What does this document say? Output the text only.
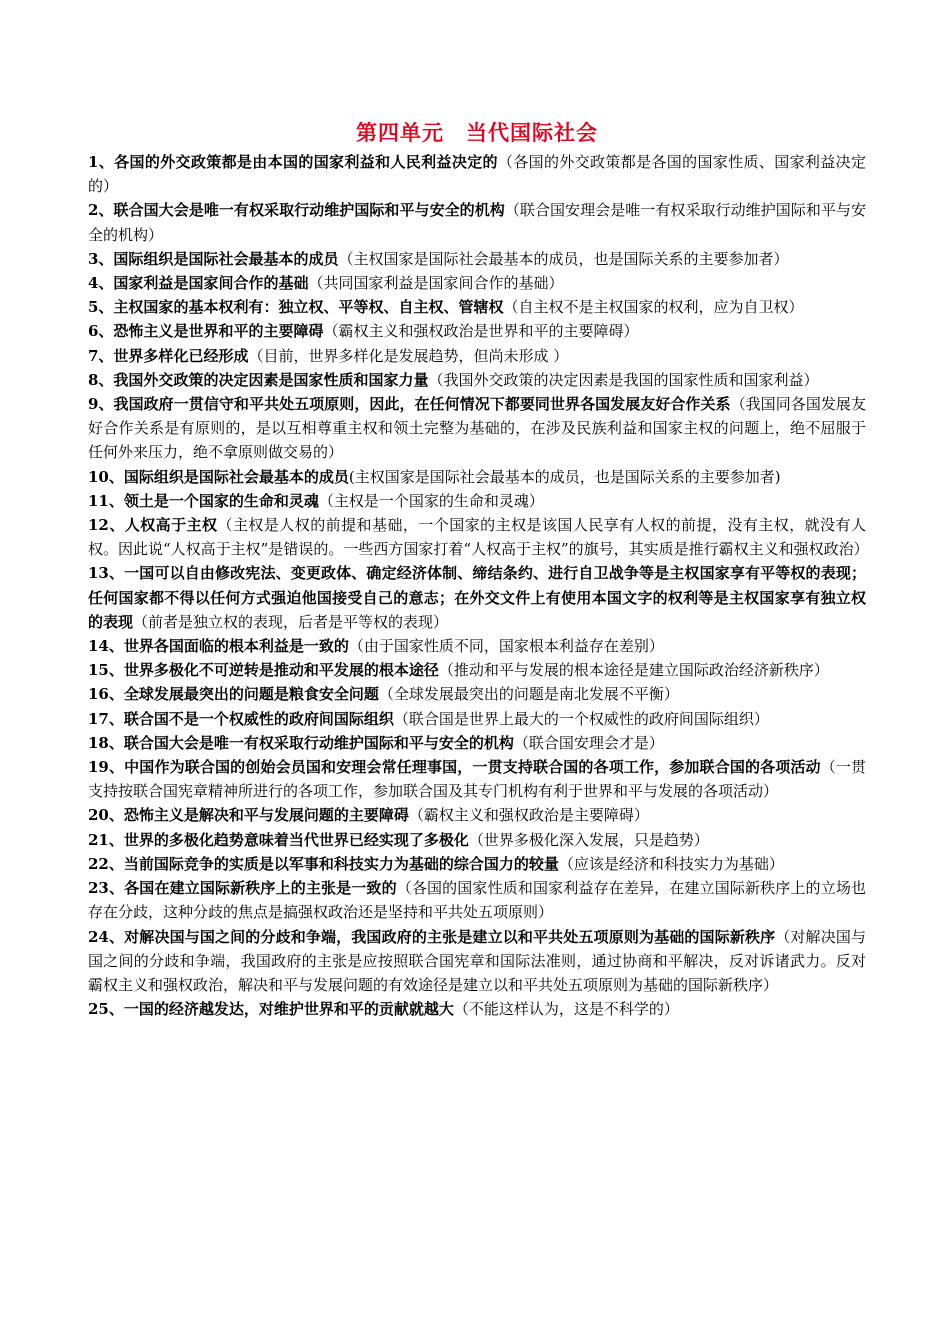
第四单元　当代国际社会
1、各国的外交政策都是由本国的国家利益和人民利益决定的（各国的外交政策都是各国的国家性质、国家利益决定的）
2、联合国大会是唯一有权采取行动维护国际和平与安全的机构（联合国安理会是唯一有权采取行动维护国际和平与安全的机构）
3、国际组织是国际社会最基本的成员（主权国家是国际社会最基本的成员，也是国际关系的主要参加者）
4、国家利益是国家间合作的基础（共同国家利益是国家间合作的基础）
5、主权国家的基本权利有：独立权、平等权、自主权、管辖权（自主权不是主权国家的权利，应为自卫权）
6、恐怖主义是世界和平的主要障碍（霸权主义和强权政治是世界和平的主要障碍）
7、世界多样化已经形成（目前，世界多样化是发展趋势，但尚未形成 ）
8、我国外交政策的决定因素是国家性质和国家力量（我国外交政策的决定因素是我国的国家性质和国家利益）
9、我国政府一贯信守和平共处五项原则，因此，在任何情况下都要同世界各国发展友好合作关系（我国同各国发展友好合作关系是有原则的，是以互相尊重主权和领土完整为基础的，在涉及民族利益和国家主权的问题上，绝不屈服于任何外来压力，绝不拿原则做交易的）
10、国际组织是国际社会最基本的成员(主权国家是国际社会最基本的成员，也是国际关系的主要参加者)
11、领土是一个国家的生命和灵魂（主权是一个国家的生命和灵魂）
12、人权高于主权（主权是人权的前提和基础，一个国家的主权是该国人民享有人权的前提，没有主权，就没有人权。因此说“人权高于主权”是错误的。一些西方国家打着“人权高于主权”的旗号，其实质是推行霸权主义和强权政治）
13、一国可以自由修改宪法、变更政体、确定经济体制、缔结条约、进行自卫战争等是主权国家享有平等权的表现；任何国家都不得以任何方式强迫他国接受自己的意志；在外交文件上有使用本国文字的权利等是主权国家享有独立权的表现（前者是独立权的表现，后者是平等权的表现）
14、世界各国面临的根本利益是一致的（由于国家性质不同，国家根本利益存在差别）
15、世界多极化不可逆转是推动和平发展的根本途径（推动和平与发展的根本途径是建立国际政治经济新秩序）
16、全球发展最突出的问题是粮食安全问题（全球发展最突出的问题是南北发展不平衡）
17、联合国不是一个权威性的政府间国际组织（联合国是世界上最大的一个权威性的政府间国际组织）
18、联合国大会是唯一有权采取行动维护国际和平与安全的机构（联合国安理会才是）
19、中国作为联合国的创始会员国和安理会常任理事国，一贯支持联合国的各项工作，参加联合国的各项活动（一贯支持按联合国宪章精神所进行的各项工作，参加联合国及其专门机构有利于世界和平与发展的各项活动）
20、恐怖主义是解决和平与发展问题的主要障碍（霸权主义和强权政治是主要障碍）
21、世界的多极化趋势意味着当代世界已经实现了多极化（世界多极化深入发展，只是趋势）
22、当前国际竞争的实质是以军事和科技实力为基础的综合国力的较量（应该是经济和科技实力为基础）
23、各国在建立国际新秩序上的主张是一致的（各国的国家性质和国家利益存在差异，在建立国际新秩序上的立场也存在分歧，这种分歧的焦点是搞强权政治还是坚持和平共处五项原则）
24、对解决国与国之间的分歧和争端，我国政府的主张是建立以和平共处五项原则为基础的国际新秩序（对解决国与国之间的分歧和争端，我国政府的主张是应按照联合国宪章和国际法准则，通过协商和平解决，反对诉诸武力。反对霸权主义和强权政治，解决和平与发展问题的有效途径是建立以和平共处五项原则为基础的国际新秩序）
25、一国的经济越发达，对维护世界和平的贡献就越大（不能这样认为，这是不科学的）
